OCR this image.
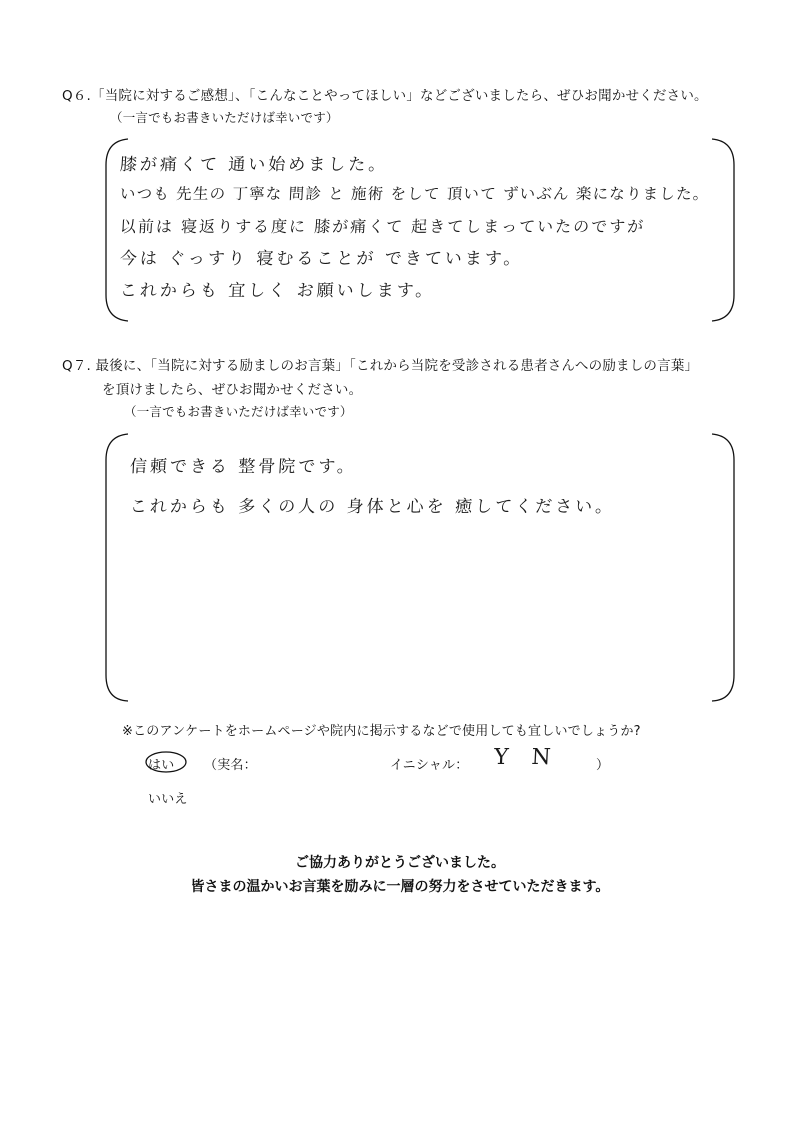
Q６.「当院に対するご感想」、「こんなことやってほしい」などございましたら、ぜひお聞かせください。
（一言でもお書きいただけば幸いです）
膝が痛くて 通い始めました。
いつも 先生の 丁寧な 問診 と 施術 をして 頂いて ずいぶん 楽になりました。
以前は 寝返りする度に 膝が痛くて 起きてしまっていたのですが
今は ぐっすり 寝むることが できています。
これからも 宜しく お願いします。
Q７. 最後に、「当院に対する励ましのお言葉」「これから当院を受診される患者さんへの励ましの言葉」
を頂けましたら、ぜひお聞かせください。
（一言でもお書きいただけば幸いです）
信頼できる 整骨院です。
これからも 多くの人の 身体と心を 癒してください。
※このアンケートをホームページや院内に掲示するなどで使用しても宜しいでしょうか?
はい （実名：	イニシャル： Y N	）
いいえ
ご協力ありがとうございました。
皆さまの温かいお言葉を励みに一層の努力をさせていただきます。
